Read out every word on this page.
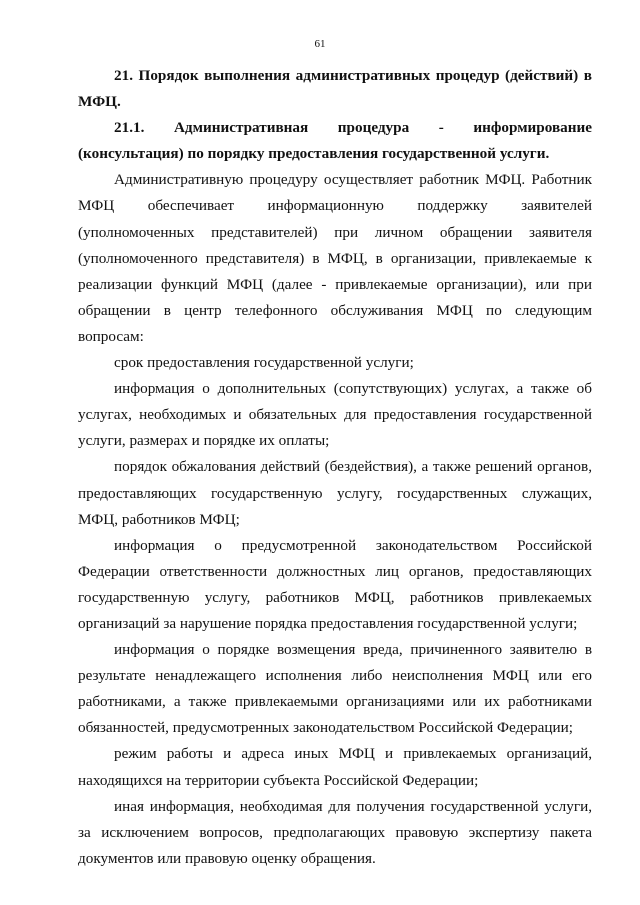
61

21. Порядок выполнения административных процедур (действий) в МФЦ.

21.1. Административная процедура - информирование (консультация) по порядку предоставления государственной услуги.

Административную процедуру осуществляет работник МФЦ. Работник МФЦ обеспечивает информационную поддержку заявителей (уполномоченных представителей) при личном обращении заявителя (уполномоченного представителя) в МФЦ, в организации, привлекаемые к реализации функций МФЦ (далее - привлекаемые организации), или при обращении в центр телефонного обслуживания МФЦ по следующим вопросам:

срок предоставления государственной услуги;

информация о дополнительных (сопутствующих) услугах, а также об услугах, необходимых и обязательных для предоставления государственной услуги, размерах и порядке их оплаты;

порядок обжалования действий (бездействия), а также решений органов, предоставляющих государственную услугу, государственных служащих, МФЦ, работников МФЦ;

информация о предусмотренной законодательством Российской Федерации ответственности должностных лиц органов, предоставляющих государственную услугу, работников МФЦ, работников привлекаемых организаций за нарушение порядка предоставления государственной услуги;

информация о порядке возмещения вреда, причиненного заявителю в результате ненадлежащего исполнения либо неисполнения МФЦ или его работниками, а также привлекаемыми организациями или их работниками обязанностей, предусмотренных законодательством Российской Федерации;

режим работы и адреса иных МФЦ и привлекаемых организаций, находящихся на территории субъекта Российской Федерации;

иная информация, необходимая для получения государственной услуги, за исключением вопросов, предполагающих правовую экспертизу пакета документов или правовую оценку обращения.
